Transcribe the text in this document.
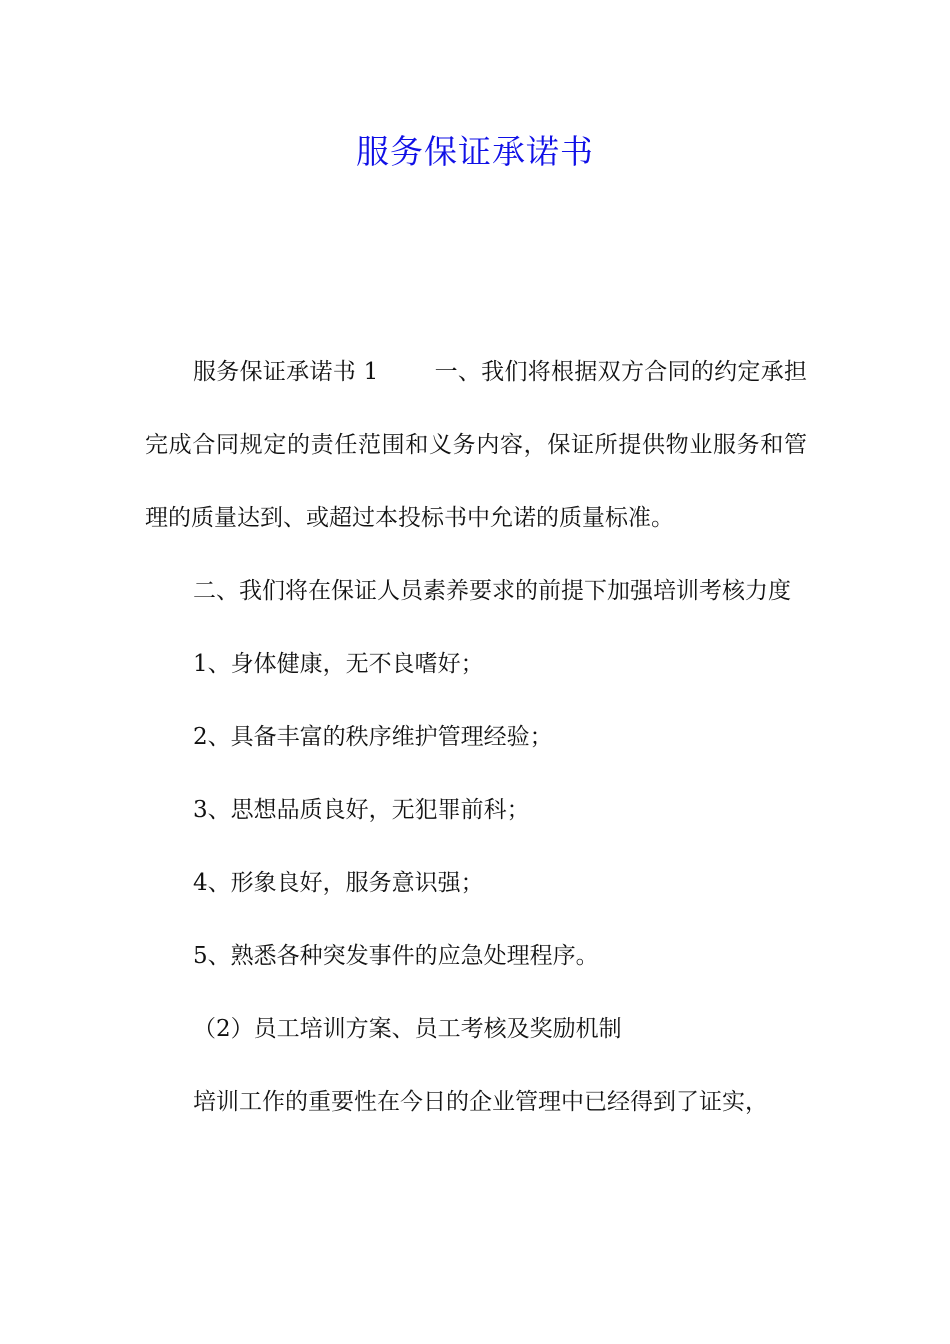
服务保证承诺书

服务保证承诺书 1 一、我们将根据双方合同的约定承担完成合同规定的责任范围和义务内容，保证所提供物业服务和管理的质量达到、或超过本投标书中允诺的质量标准。

二、我们将在保证人员素养要求的前提下加强培训考核力度

1、身体健康，无不良嗜好；

2、具备丰富的秩序维护管理经验；

3、思想品质良好，无犯罪前科；

4、形象良好，服务意识强；

5、熟悉各种突发事件的应急处理程序。

（2）员工培训方案、员工考核及奖励机制

培训工作的重要性在今日的企业管理中已经得到了证实，
